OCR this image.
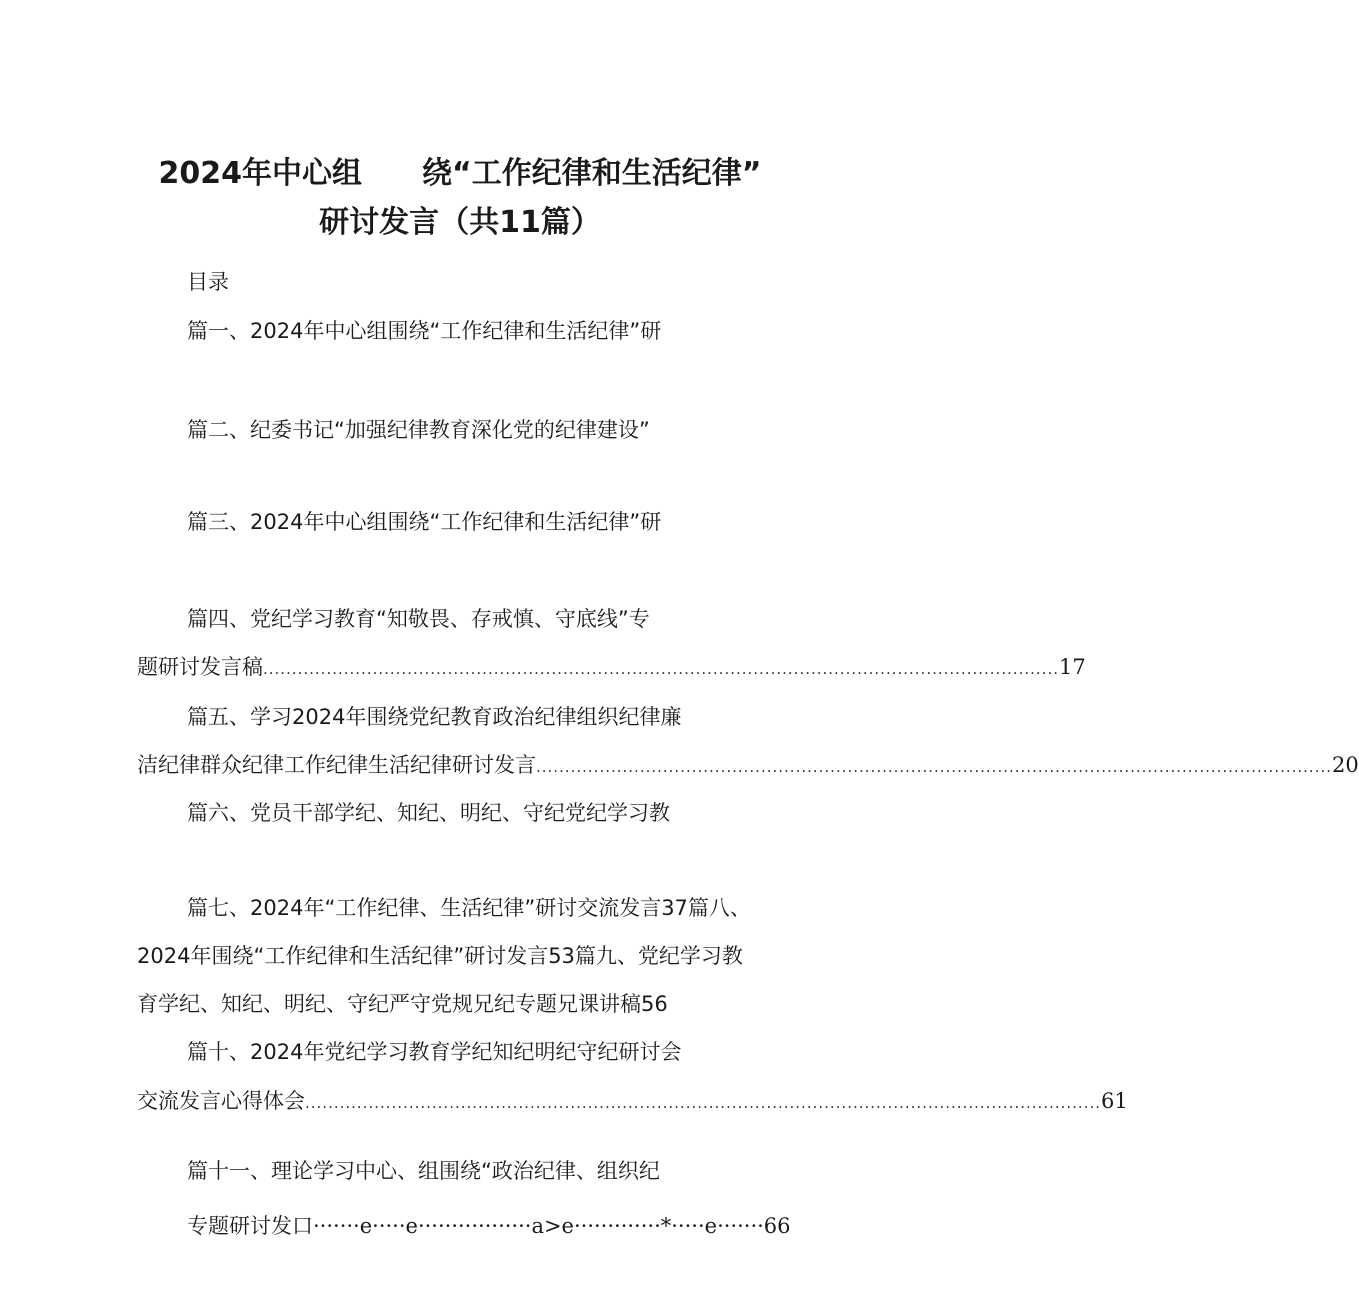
2024年中心组 绕“工作纪律和生活纪律”
研讨发言（共11篇）
目录
篇一、2024年中心组围绕“工作纪律和生活纪律”研
篇二、纪委书记“加强纪律教育深化党的纪律建设”
篇三、2024年中心组围绕“工作纪律和生活纪律”研
篇四、党纪学习教育“知敬畏、存戒慎、守底线”专
题研讨发言稿 .......................................................................................................................................... 17
篇五、学习2024年围绕党纪教育政治纪律组织纪律廉
洁纪律群众纪律工作纪律生活纪律研讨发言 .......................................................................................................................................... 20
篇六、党员干部学纪、知纪、明纪、守纪党纪学习教
篇七、2024年“工作纪律、生活纪律”研讨交流发言37篇八、
2024年围绕“工作纪律和生活纪律”研讨发言53篇九、党纪学习教
育学纪、知纪、明纪、守纪严守党规兄纪专题兄课讲稿56
篇十、2024年党纪学习教育学纪知纪明纪守纪研讨会
交流发言心得体会 .......................................................................................................................................... 61
篇十一、理论学习中心、组围绕“政治纪律、组织纪
专题研讨发口·······e·····e·················a>e·············*·····e·······66
